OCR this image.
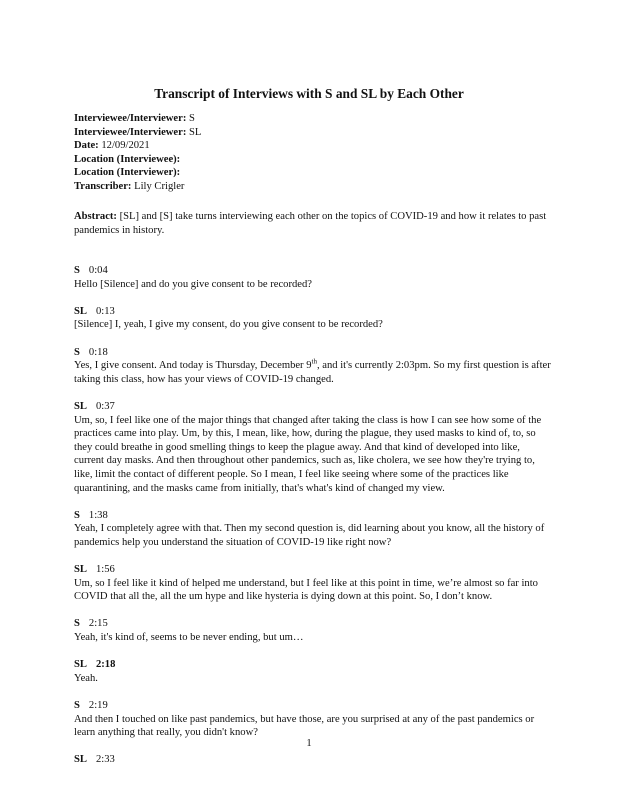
Transcript of Interviews with S and SL by Each Other
Interviewee/Interviewer: S
Interviewee/Interviewer: SL
Date: 12/09/2021
Location (Interviewee):
Location (Interviewer):
Transcriber: Lily Crigler
Abstract: [SL] and [S] take turns interviewing each other on the topics of COVID-19 and how it relates to past pandemics in history.
S 0:04
Hello [Silence] and do you give consent to be recorded?
SL 0:13
[Silence] I, yeah, I give my consent, do you give consent to be recorded?
S 0:18
Yes, I give consent. And today is Thursday, December 9th, and it's currently 2:03pm. So my first question is after taking this class, how has your views of COVID-19 changed.
SL 0:37
Um, so, I feel like one of the major things that changed after taking the class is how I can see how some of the practices came into play. Um, by this, I mean, like, how, during the plague, they used masks to kind of, to, so they could breathe in good smelling things to keep the plague away. And that kind of developed into like, current day masks. And then throughout other pandemics, such as, like cholera, we see how they're trying to, like, limit the contact of different people. So I mean, I feel like seeing where some of the practices like quarantining, and the masks came from initially, that's what's kind of changed my view.
S 1:38
Yeah, I completely agree with that. Then my second question is, did learning about you know, all the history of pandemics help you understand the situation of COVID-19 like right now?
SL 1:56
Um, so I feel like it kind of helped me understand, but I feel like at this point in time, we’re almost so far into COVID that all the, all the um hype and like hysteria is dying down at this point. So, I don’t know.
S 2:15
Yeah, it's kind of, seems to be never ending, but um…
SL 2:18
Yeah.
S 2:19
And then I touched on like past pandemics, but have those, are you surprised at any of the past pandemics or learn anything that really, you didn't know?
SL 2:33
1
